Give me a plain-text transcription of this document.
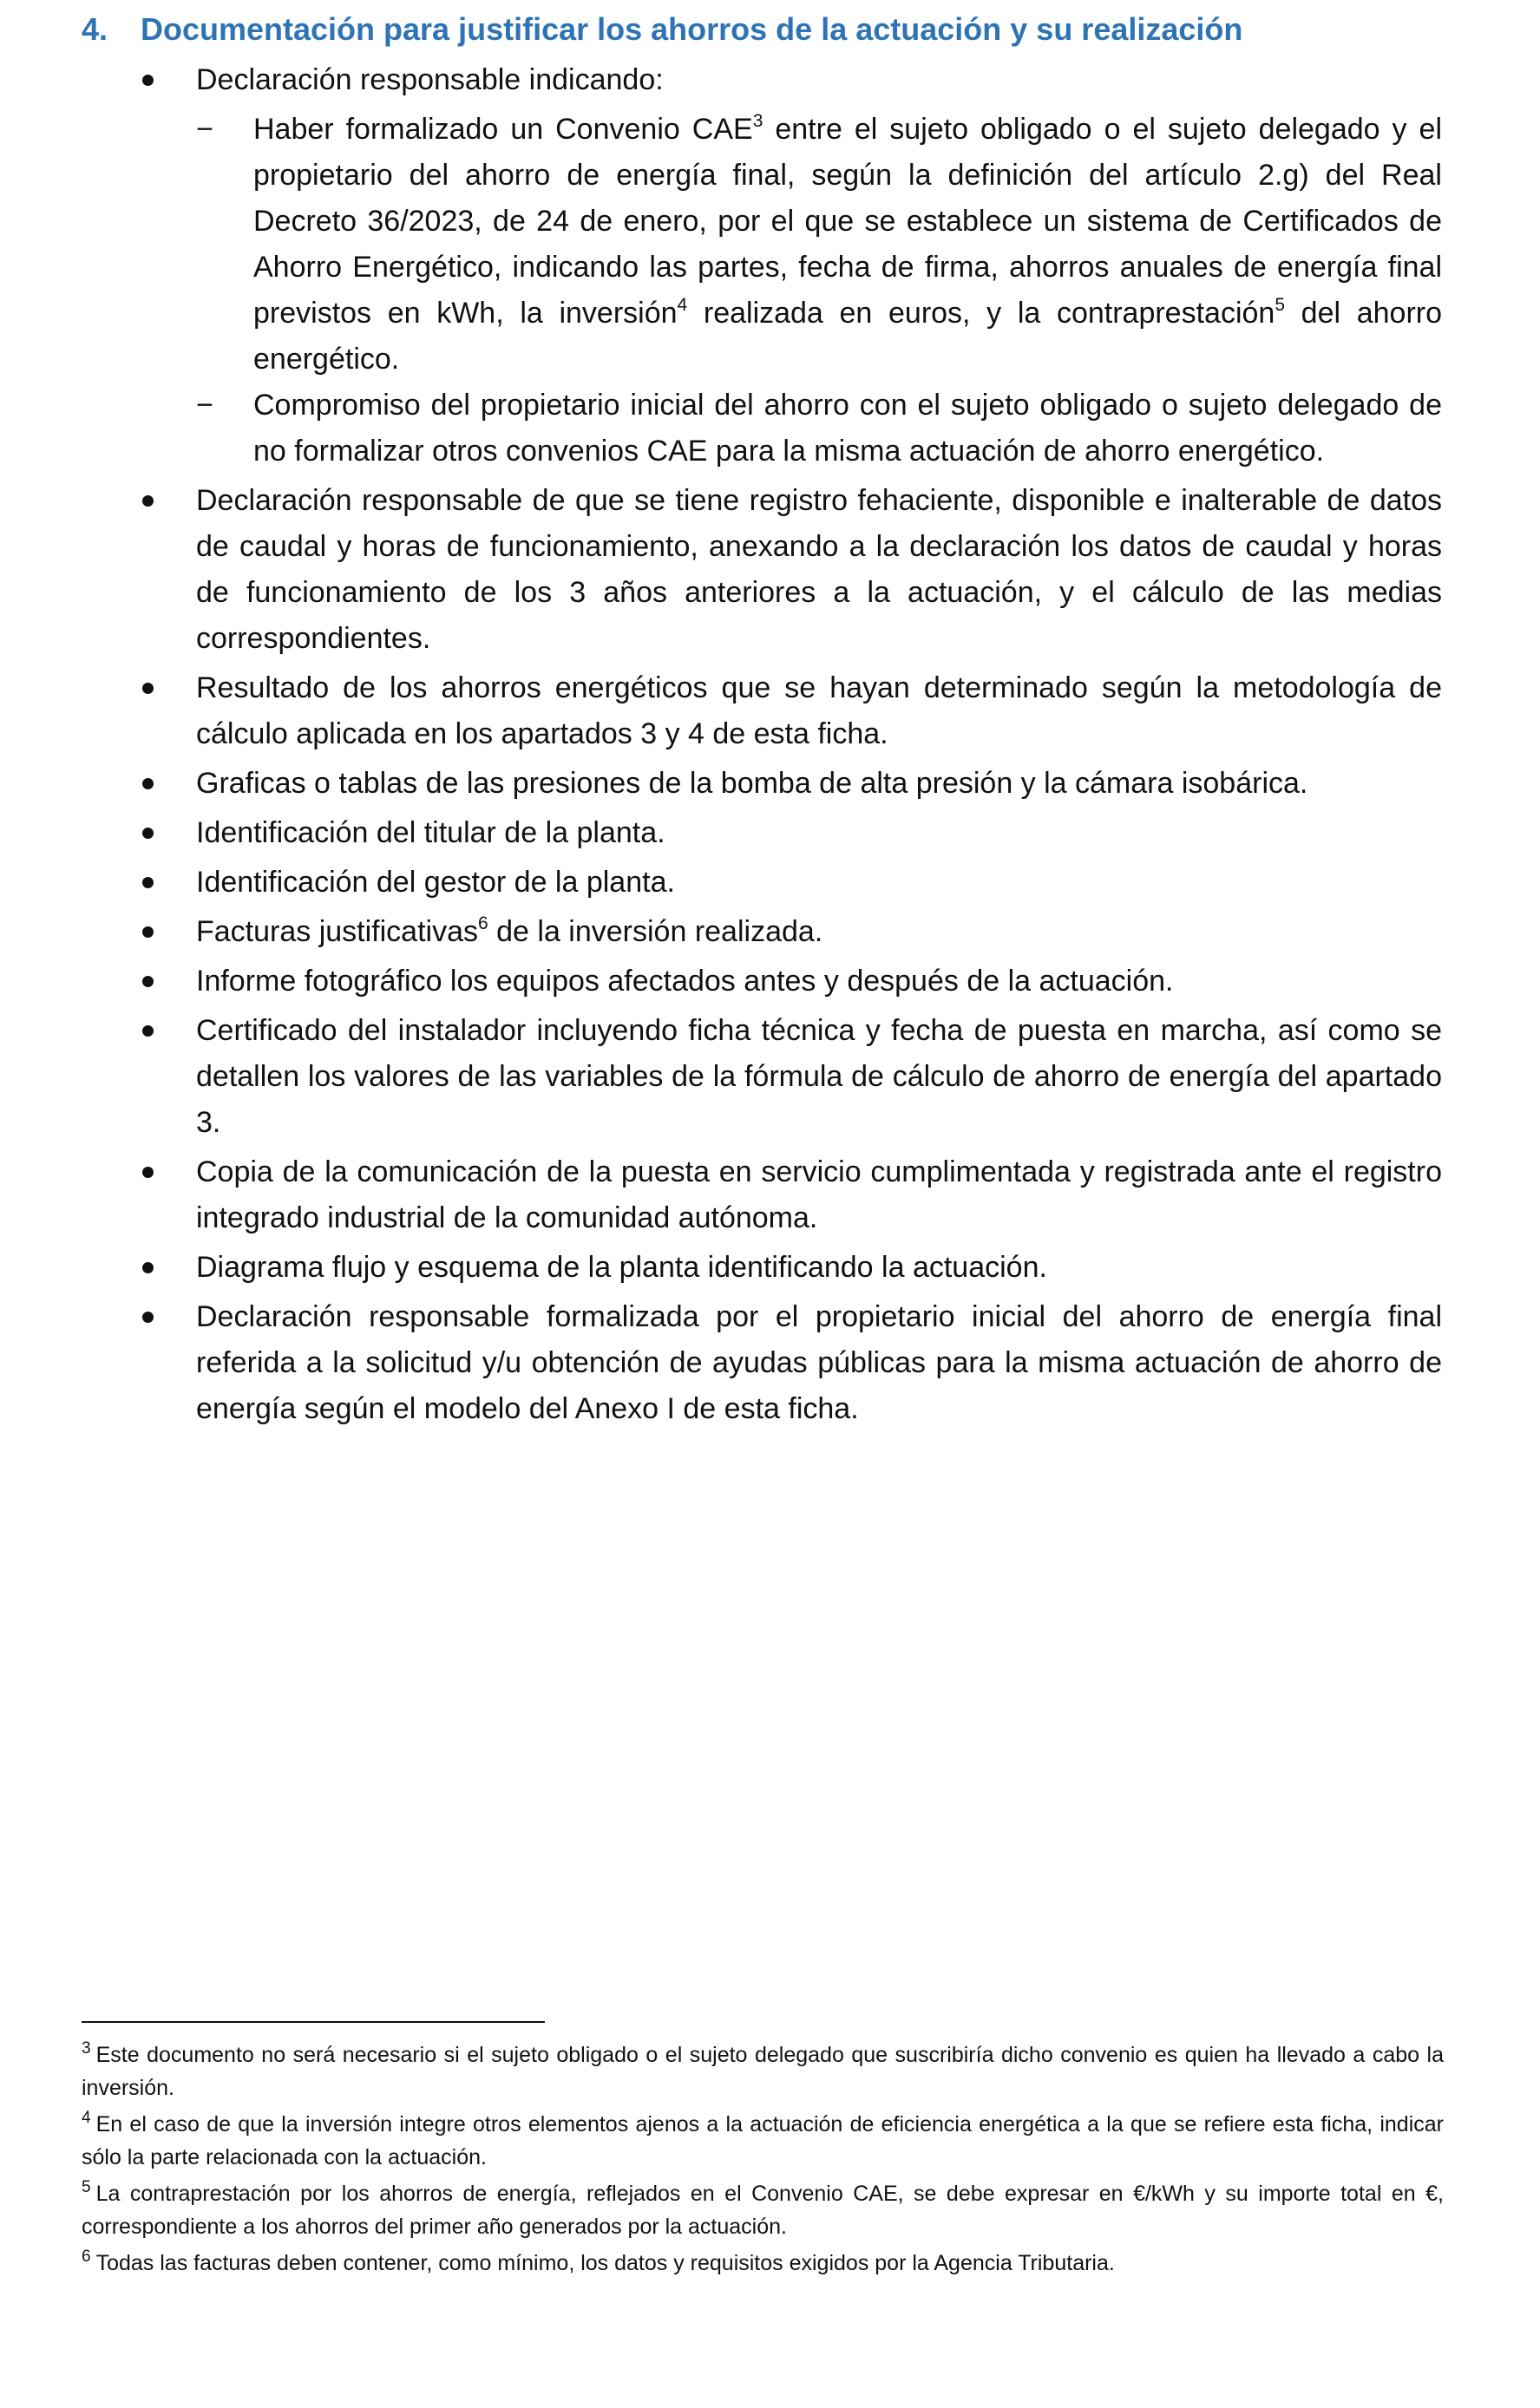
4. Documentación para justificar los ahorros de la actuación y su realización
Declaración responsable indicando:
− Haber formalizado un Convenio CAE$^3$ entre el sujeto obligado o el sujeto delegado y el propietario del ahorro de energía final, según la definición del artículo 2.g) del Real Decreto 36/2023, de 24 de enero, por el que se establece un sistema de Certificados de Ahorro Energético, indicando las partes, fecha de firma, ahorros anuales de energía final previstos en kWh, la inversión$^4$ realizada en euros, y la contraprestación$^5$ del ahorro energético.
− Compromiso del propietario inicial del ahorro con el sujeto obligado o sujeto delegado de no formalizar otros convenios CAE para la misma actuación de ahorro energético.
Declaración responsable de que se tiene registro fehaciente, disponible e inalterable de datos de caudal y horas de funcionamiento, anexando a la declaración los datos de caudal y horas de funcionamiento de los 3 años anteriores a la actuación, y el cálculo de las medias correspondientes.
Resultado de los ahorros energéticos que se hayan determinado según la metodología de cálculo aplicada en los apartados 3 y 4 de esta ficha.
Graficas o tablas de las presiones de la bomba de alta presión y la cámara isobárica.
Identificación del titular de la planta.
Identificación del gestor de la planta.
Facturas justificativas$^6$ de la inversión realizada.
Informe fotográfico los equipos afectados antes y después de la actuación.
Certificado del instalador incluyendo ficha técnica y fecha de puesta en marcha, así como se detallen los valores de las variables de la fórmula de cálculo de ahorro de energía del apartado 3.
Copia de la comunicación de la puesta en servicio cumplimentada y registrada ante el registro integrado industrial de la comunidad autónoma.
Diagrama flujo y esquema de la planta identificando la actuación.
Declaración responsable formalizada por el propietario inicial del ahorro de energía final referida a la solicitud y/u obtención de ayudas públicas para la misma actuación de ahorro de energía según el modelo del Anexo I de esta ficha.
$^3$ Este documento no será necesario si el sujeto obligado o el sujeto delegado que suscribiría dicho convenio es quien ha llevado a cabo la inversión.
$^4$ En el caso de que la inversión integre otros elementos ajenos a la actuación de eficiencia energética a la que se refiere esta ficha, indicar sólo la parte relacionada con la actuación.
$^5$ La contraprestación por los ahorros de energía, reflejados en el Convenio CAE, se debe expresar en €/kWh y su importe total en €, correspondiente a los ahorros del primer año generados por la actuación.
$^6$ Todas las facturas deben contener, como mínimo, los datos y requisitos exigidos por la Agencia Tributaria.
